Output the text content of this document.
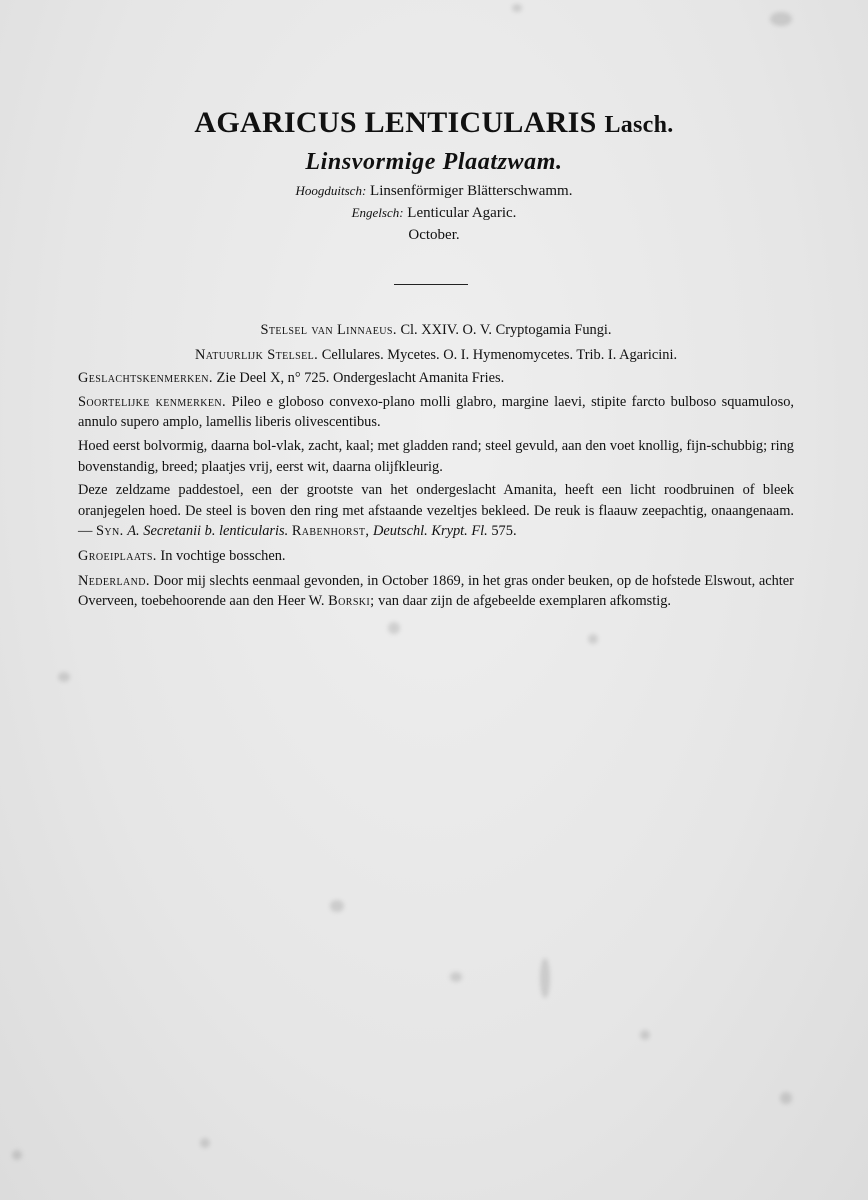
AGARICUS LENTICULARIS Lasch.

Linsvormige Plaatzwam.

Hoogduitsch: Linsenförmiger Blätterschwamm.

Engelsch: Lenticular Agaric.

October.

Stelsel van Linnaeus. Cl. XXIV. O. V. Cryptogamia Fungi.

Natuurlijk Stelsel. Cellulares. Mycetes. O. I. Hymenomycetes. Trib. I. Agaricini.

Geslachtskenmerken. Zie Deel X, n° 725. Ondergeslacht Amanita Fries.

Soortelijke kenmerken. Pileo e globoso convexo-plano molli glabro, margine laevi, stipite farcto bulboso squamuloso, annulo supero amplo, lamellis liberis olivescentibus.

Hoed eerst bolvormig, daarna bol-vlak, zacht, kaal; met gladden rand; steel gevuld, aan den voet knollig, fijn-schubbig; ring bovenstandig, breed; plaatjes vrij, eerst wit, daarna olijfkleurig.

Deze zeldzame paddestoel, een der grootste van het ondergeslacht Amanita, heeft een licht roodbruinen of bleek oranjegelen hoed. De steel is boven den ring met afstaande vezeltjes bekleed. De reuk is flaauw zeepachtig, onaangenaam. — Syn. A. Secretanii b. lenticularis. Rabenhorst, Deutschl. Krypt. Fl. 575.

Groeiplaats. In vochtige bosschen.

Nederland. Door mij slechts eenmaal gevonden, in October 1869, in het gras onder beuken, op de hofstede Elswout, achter Overveen, toebehoorende aan den Heer W. Borski; van daar zijn de afgebeelde exemplaren afkomstig.
